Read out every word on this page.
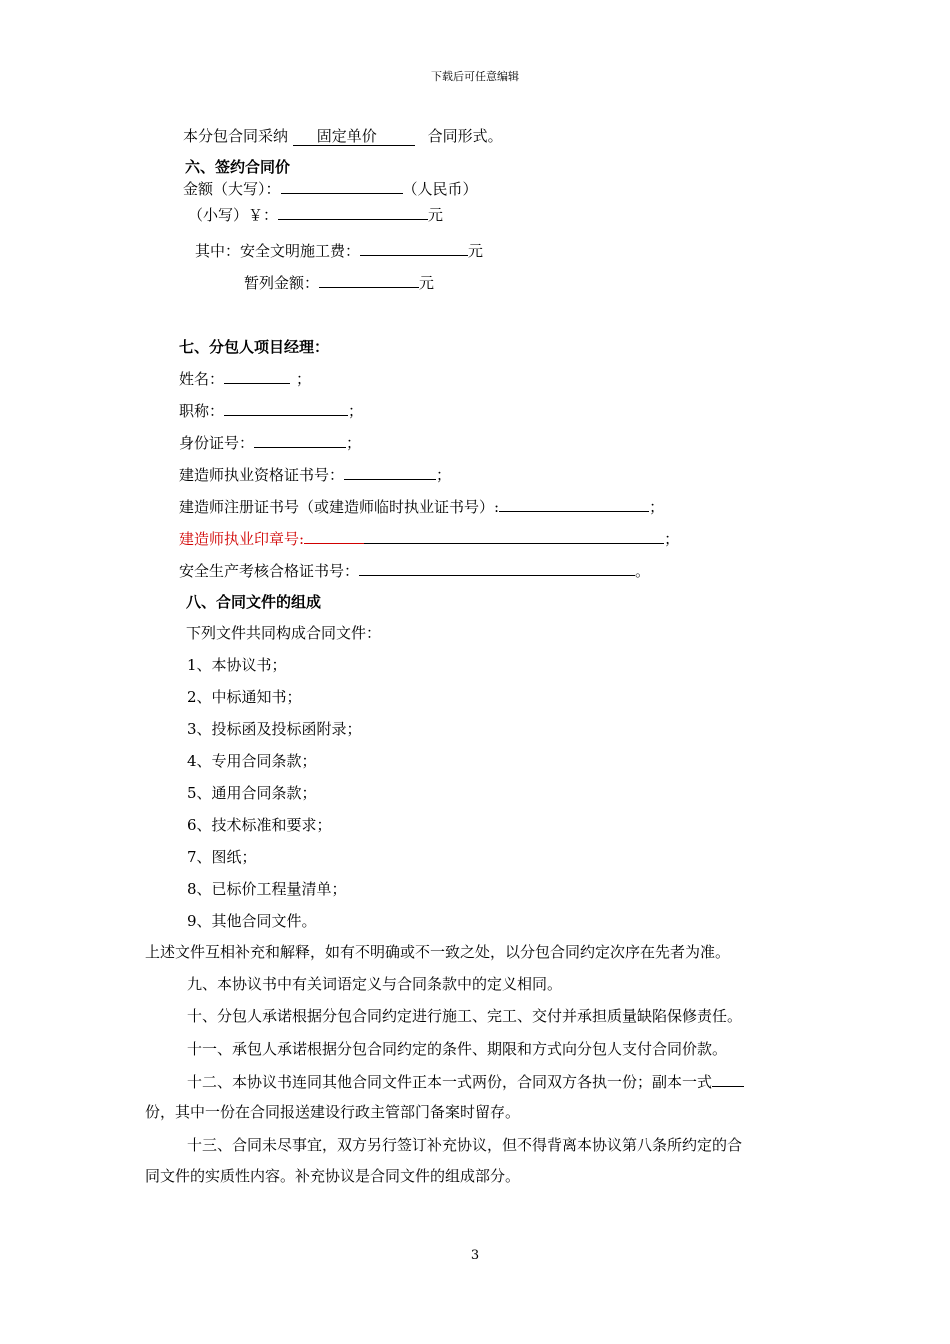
下载后可任意编辑
本分包合同采纳 固定单价	合同形式。
六、签约合同价
金额（大写）：	（人民币）
（小写）￥：	元
其中：安全文明施工费：	元
暂列金额：	元
七、分包人项目经理：
姓名：	；
职称：	；
身份证号：	；
建造师执业资格证书号：	；
建造师注册证书号（或建造师临时执业证书号）:	；
建造师执业印章号:	；
安全生产考核合格证书号：	。
八、合同文件的组成
下列文件共同构成合同文件：
1、本协议书；
2、中标通知书；
3、投标函及投标函附录；
4、专用合同条款；
5、通用合同条款；
6、技术标准和要求；
7、图纸；
8、已标价工程量清单；
9、其他合同文件。
上述文件互相补充和解释，如有不明确或不一致之处，以分包合同约定次序在先者为准。
九、本协议书中有关词语定义与合同条款中的定义相同。
十、分包人承诺根据分包合同约定进行施工、完工、交付并承担质量缺陷保修责任。
十一、承包人承诺根据分包合同约定的条件、期限和方式向分包人支付合同价款。
十二、本协议书连同其他合同文件正本一式两份，合同双方各执一份；副本一式
份，其中一份在合同报送建设行政主管部门备案时留存。
十三、合同未尽事宜，双方另行签订补充协议，但不得背离本协议第八条所约定的合
同文件的实质性内容。补充协议是合同文件的组成部分。
3
